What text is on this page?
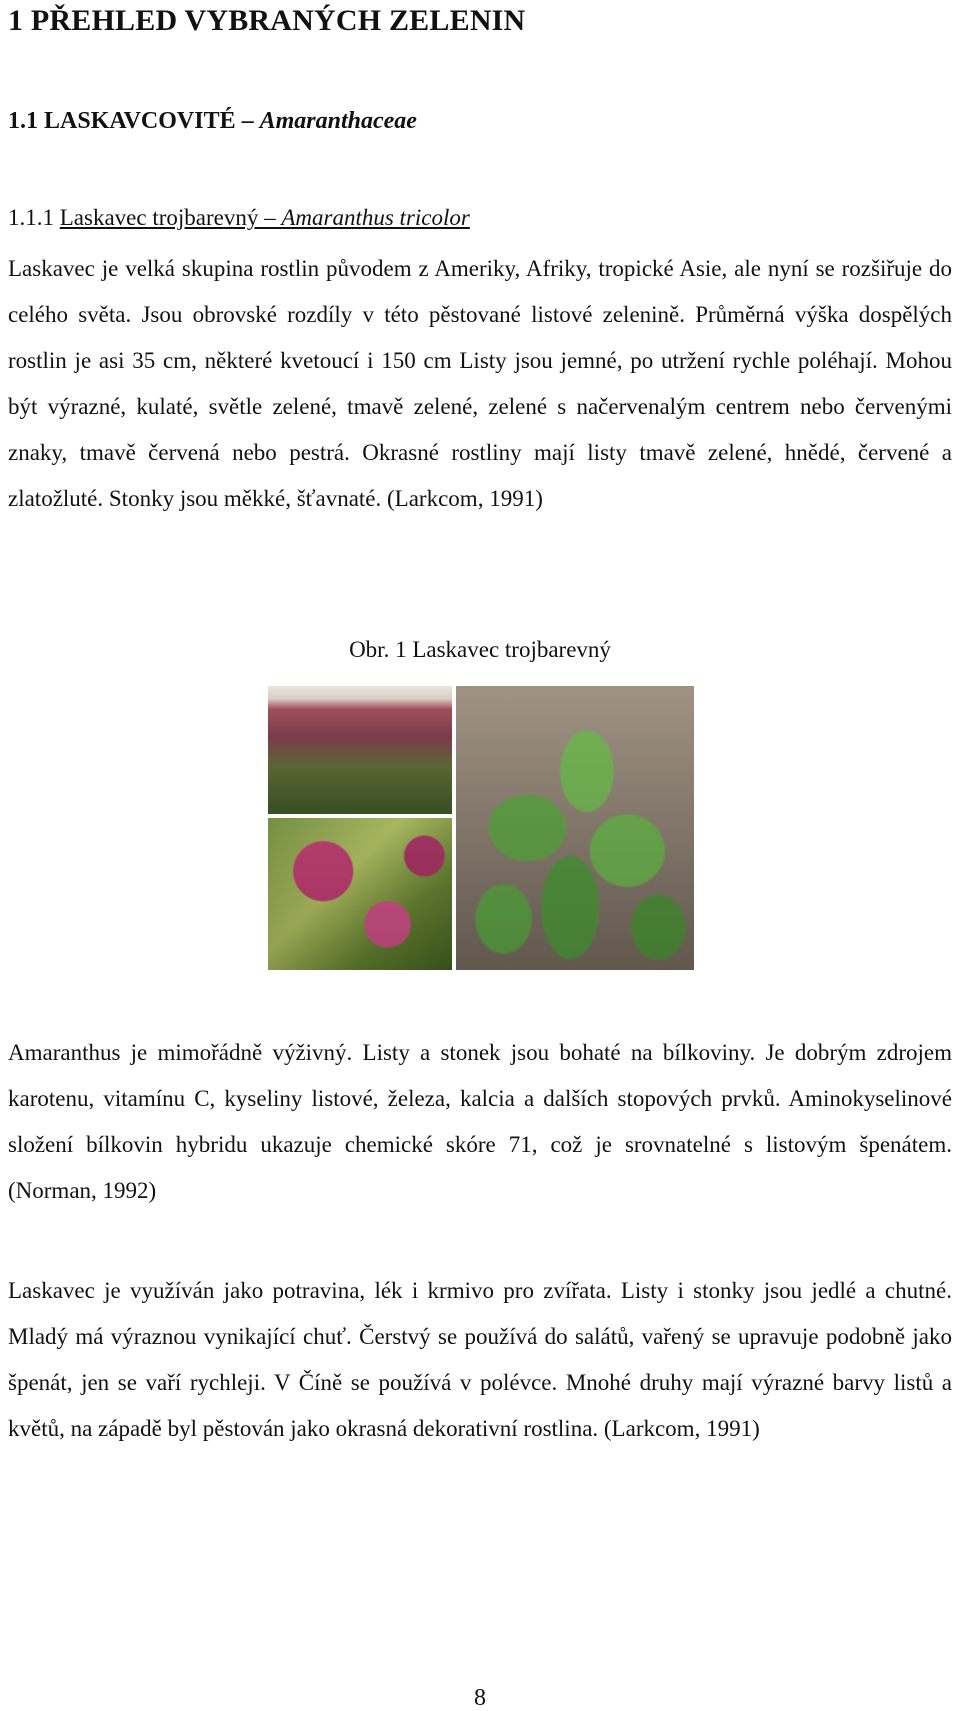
1 PŘEHLED VYBRANÝCH ZELENIN
1.1 LASKAVCOVITÉ – Amaranthaceae
1.1.1 Laskavec trojbarevný – Amaranthus tricolor

Laskavec je velká skupina rostlin původem z Ameriky, Afriky, tropické Asie, ale nyní se rozšiřuje do celého světa. Jsou obrovské rozdíly v této pěstované listové zelenině. Průměrná výška dospělých rostlin je asi 35 cm, některé kvetoucí i 150 cm Listy jsou jemné, po utržení rychle poléhají. Mohou být výrazné, kulaté, světle zelené, tmavě zelené, zelené s načervenalým centrem nebo červenými znaky, tmavě červená nebo pestrá. Okrasné rostliny mají listy tmavě zelené, hnědé, červené a zlatožluté. Stonky jsou měkké, šťavnaté. (Larkcom, 1991)

Obr. 1 Laskavec trojbarevný

Amaranthus je mimořádně výživný. Listy a stonek jsou bohaté na bílkoviny. Je dobrým zdrojem karotenu, vitamínu C, kyseliny listové, železa, kalcia a dalších stopových prvků. Aminokyselinové složení bílkovin hybridu ukazuje chemické skóre 71, což je srovnatelné s listovým špenátem. (Norman, 1992)

Laskavec je využíván jako potravina, lék i krmivo pro zvířata. Listy i stonky jsou jedlé a chutné. Mladý má výraznou vynikající chuť. Čerstvý se používá do salátů, vařený se upravuje podobně jako špenát, jen se vaří rychleji. V Číně se používá v polévce. Mnohé druhy mají výrazné barvy listů a květů, na západě byl pěstován jako okrasná dekorativní rostlina. (Larkcom, 1991)

8
